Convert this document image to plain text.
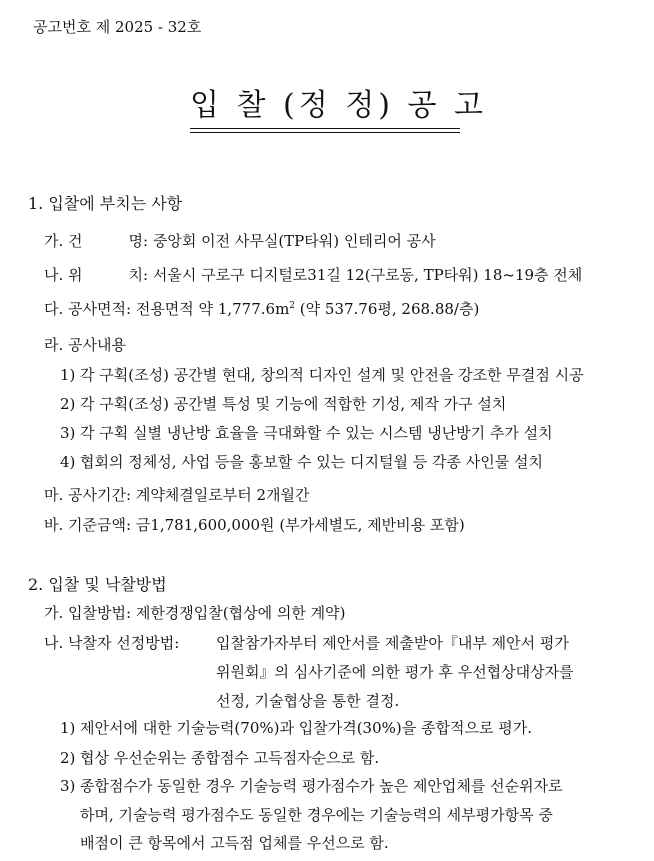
공고번호 제 2025 - 32호
입 찰 (정 정) 공 고
1. 입찰에 부치는 사항
가. 건	명: 중앙회 이전 사무실(TP타워) 인테리어 공사
나. 위	치: 서울시 구로구 디지털로31길 12(구로동, TP타워) 18~19층 전체
다. 공사면적: 전용면적 약 $1,777.6m^2$ (약 537.76평, 268.88/층)
라. 공사내용
1) 각 구획(조성) 공간별 현대, 창의적 디자인 설계 및 안전을 강조한 무결점 시공
2) 각 구획(조성) 공간별 특성 및 기능에 적합한 기성, 제작 가구 설치
3) 각 구획 실별 냉난방 효율을 극대화할 수 있는 시스템 냉난방기 추가 설치
4) 협회의 정체성, 사업 등을 홍보할 수 있는 디지털월 등 각종 사인물 설치
마. 공사기간: 계약체결일로부터 2개월간
바. 기준금액: 금1,781,600,000원 (부가세별도, 제반비용 포함)
2. 입찰 및 낙찰방법
가. 입찰방법: 제한경쟁입찰(협상에 의한 계약)
나. 낙찰자 선정방법: 입찰참가자부터 제안서를 제출받아『내부 제안서 평가
위원회』의 심사기준에 의한 평가 후 우선협상대상자를
선정, 기술협상을 통한 결정.
1) 제안서에 대한 기술능력(70%)과 입찰가격(30%)을 종합적으로 평가.
2) 협상 우선순위는 종합점수 고득점자순으로 함.
3) 종합점수가 동일한 경우 기술능력 평가점수가 높은 제안업체를 선순위자로
하며, 기술능력 평가점수도 동일한 경우에는 기술능력의 세부평가항목 중
배점이 큰 항목에서 고득점 업체를 우선으로 함.
